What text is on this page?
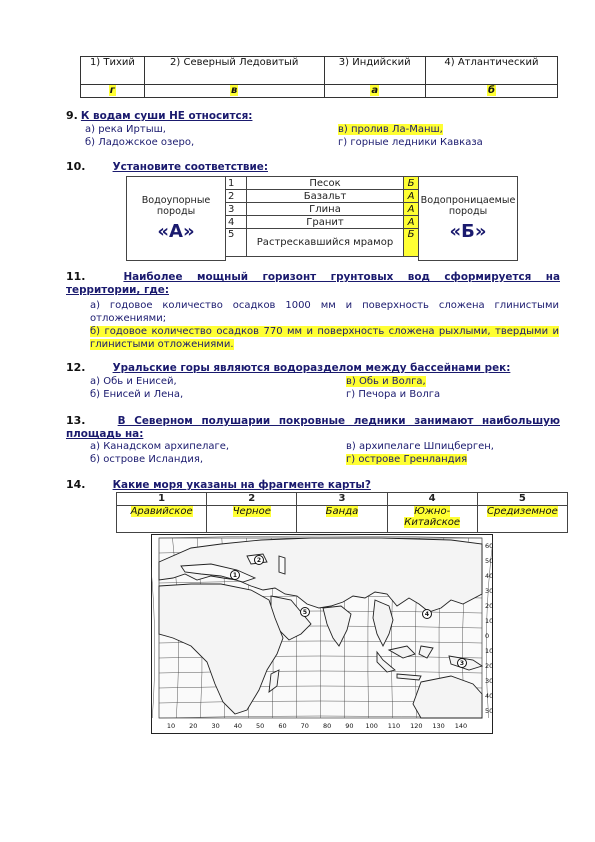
1) Тихий	2) Северный Ледовитый	3) Индийский	4) Атлантический
г	в	а	б
9. К водам суши НЕ относится:
а) река Иртыш,
б) Ладожское озеро,
в) пролив Ла-Манш,
г) горные ледники Кавказа
10.	Установите соответствие:
Водоупорные породы
«А»	1	Песок	Б	Водопроницаемые породы
«Б»

	2	Базальт	А	
	3	Глина	А	
	4	Гранит	А	
	5	Растрескавшийся мрамор	Б	

11.	Наиболее мощный горизонт грунтовых вод сформируется на территории, где:
а) годовое количество осадков 1000 мм и поверхность сложена глинистыми отложениями;
б) годовое количество осадков 770 мм и поверхность сложена рыхлыми, твердыми и глинистыми отложениями.
12.	Уральские горы являются водоразделом между бассейнами рек:
а) Обь и Енисей,
б) Енисей и Лена,
в) Обь и Волга,
г) Печора и Волга
13.	В Северном полушарии покровные ледники занимают наибольшую площадь на:
а) Канадском архипелаге,
б) острове Исландия,
в) архипелаге Шпицберген,
г) острове Гренландия
14.	Какие моря указаны на фрагменте карты?
1	2	3	4	5
Аравийское	Черное	Банда	Южно-Китайское	Средиземное
10 20 30 40 50 60 70 80 90 100 110 120 130 140
60
50
40
30
20
10
0
10
20
30
40
50
1
2
3
4
5
